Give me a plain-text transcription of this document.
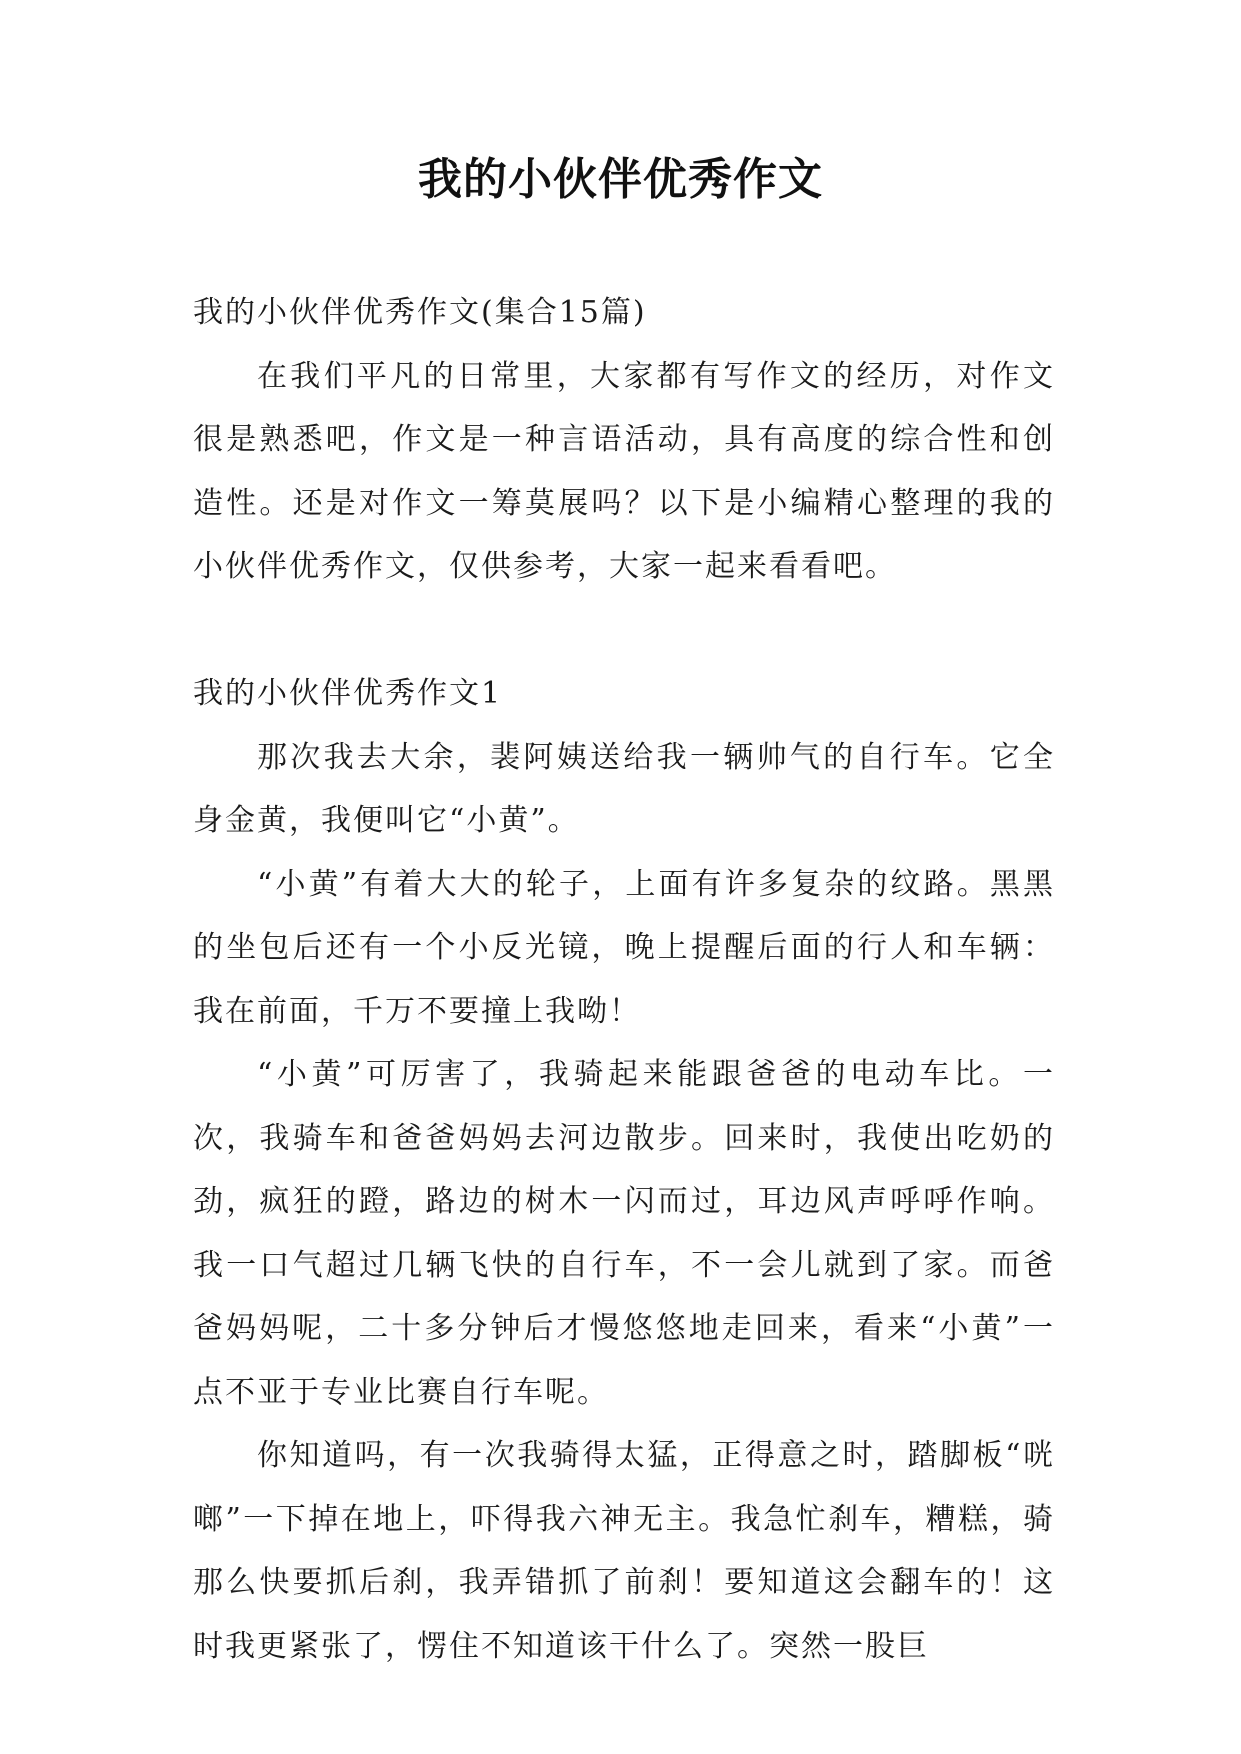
我的小伙伴优秀作文

我的小伙伴优秀作文(集合15篇)

在我们平凡的日常里，大家都有写作文的经历，对作文很是熟悉吧，作文是一种言语活动，具有高度的综合性和创造性。还是对作文一筹莫展吗？以下是小编精心整理的我的小伙伴优秀作文，仅供参考，大家一起来看看吧。

我的小伙伴优秀作文1

那次我去大余，裴阿姨送给我一辆帅气的自行车。它全身金黄，我便叫它“小黄”。

“小黄”有着大大的轮子，上面有许多复杂的纹路。黑黑的坐包后还有一个小反光镜，晚上提醒后面的行人和车辆：我在前面，千万不要撞上我呦！

“小黄”可厉害了，我骑起来能跟爸爸的电动车比。一次，我骑车和爸爸妈妈去河边散步。回来时，我使出吃奶的劲，疯狂的蹬，路边的树木一闪而过，耳边风声呼呼作响。我一口气超过几辆飞快的自行车，不一会儿就到了家。而爸爸妈妈呢，二十多分钟后才慢悠悠地走回来，看来“小黄”一点不亚于专业比赛自行车呢。

你知道吗，有一次我骑得太猛，正得意之时，踏脚板“咣啷”一下掉在地上，吓得我六神无主。我急忙刹车，糟糕，骑那么快要抓后刹，我弄错抓了前刹！要知道这会翻车的！这时我更紧张了，愣住不知道该干什么了。突然一股巨
